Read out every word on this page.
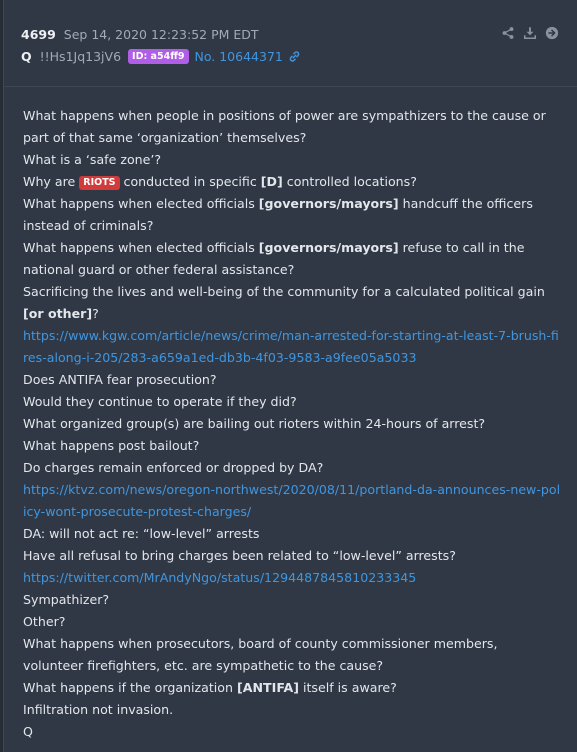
4699 Sep 14, 2020 12:23:52 PM EDT
Q !!Hs1Jq13jV6	ID: a54ff9 No. 10644371
What happens when people in positions of power are sympathizers to the cause or part of that same ‘organization’ themselves?
What is a ‘safe zone’?
Why are RIOTS conducted in specific [D] controlled locations?
What happens when elected officials [governors/mayors] handcuff the officers instead of criminals?
What happens when elected officials [governors/mayors] refuse to call in the national guard or other federal assistance?
Sacrificing the lives and well-being of the community for a calculated political gain [or other]?
https://www.kgw.com/article/news/crime/man-arrested-for-starting-at-least-7-brush-fires-along-i-205/283-a659a1ed-db3b-4f03-9583-a9fee05a5033
Does ANTIFA fear prosecution?
Would they continue to operate if they did?
What organized group(s) are bailing out rioters within 24-hours of arrest?
What happens post bailout?
Do charges remain enforced or dropped by DA?
https://ktvz.com/news/oregon-northwest/2020/08/11/portland-da-announces-new-policy-wont-prosecute-protest-charges/
DA: will not act re: “low-level” arrests
Have all refusal to bring charges been related to “low-level” arrests?
https://twitter.com/MrAndyNgo/status/1294487845810233345
Sympathizer?
Other?
What happens when prosecutors, board of county commissioner members, volunteer firefighters, etc. are sympathetic to the cause?
What happens if the organization [ANTIFA] itself is aware?
Infiltration not invasion.
Q
